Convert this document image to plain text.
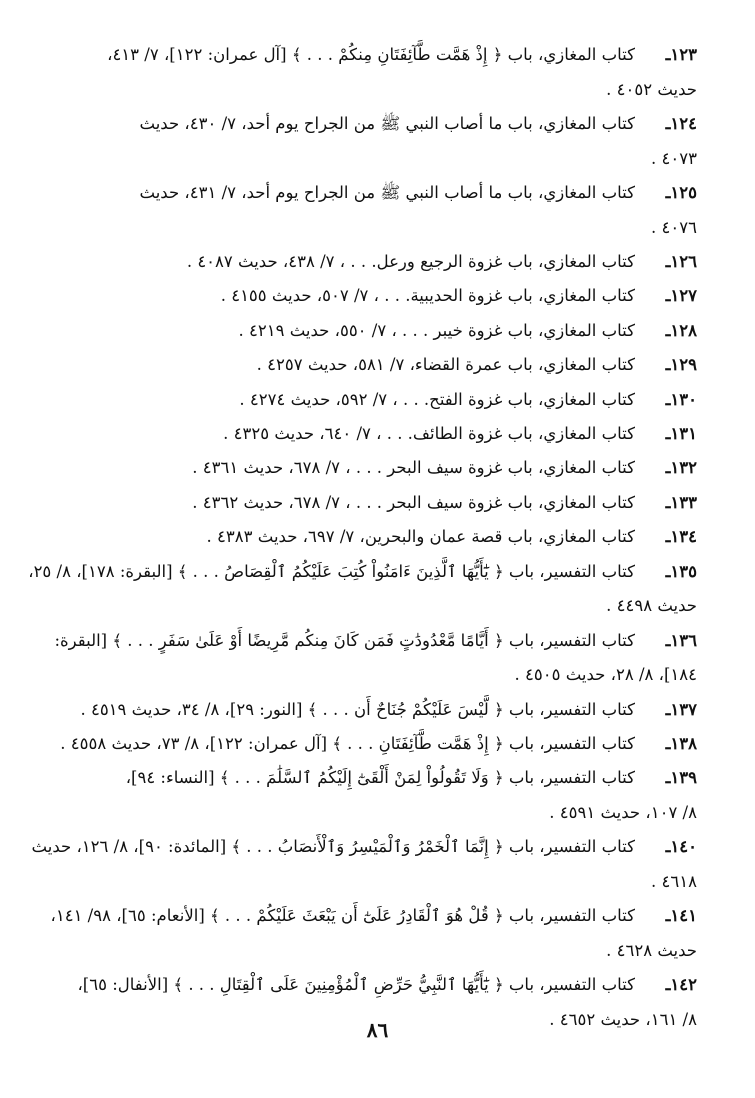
١٢٣ـ
كتاب المغازي، باب ﴿ إِذْ هَمَّت طَّآئِفَتَانِ مِنكُمْ . . . ﴾ [آل عمران: ١٢٢]، ٧/ ٤١٣،
حديث ٤٠٥٢ .
١٢٤ـ
كتاب المغازي، باب ما أصاب النبي ﷺ من الجراح يوم أحد، ٧/ ٤٣٠، حديث
٤٠٧٣ .
١٢٥ـ
كتاب المغازي، باب ما أصاب النبي ﷺ من الجراح يوم أحد، ٧/ ٤٣١، حديث
٤٠٧٦ .
١٢٦ـ
كتاب المغازي، باب غزوة الرجيع ورعل. . . ، ٧/ ٤٣٨، حديث ٤٠٨٧ .
١٢٧ـ
كتاب المغازي، باب غزوة الحديبية. . . ، ٧/ ٥٠٧، حديث ٤١٥٥ .
١٢٨ـ
كتاب المغازي، باب غزوة خيبر . . . ، ٧/ ٥٥٠، حديث ٤٢١٩ .
١٢٩ـ
كتاب المغازي، باب عمرة القضاء، ٧/ ٥٨١، حديث ٤٢٥٧ .
١٣٠ـ
كتاب المغازي، باب غزوة الفتح. . . ، ٧/ ٥٩٢، حديث ٤٢٧٤ .
١٣١ـ
كتاب المغازي، باب غزوة الطائف. . . ، ٧/ ٦٤٠، حديث ٤٣٢٥ .
١٣٢ـ
كتاب المغازي، باب غزوة سيف البحر . . . ، ٧/ ٦٧٨، حديث ٤٣٦١ .
١٣٣ـ
كتاب المغازي، باب غزوة سيف البحر . . . ، ٧/ ٦٧٨، حديث ٤٣٦٢ .
١٣٤ـ
كتاب المغازي، باب قصة عمان والبحرين، ٧/ ٦٩٧، حديث ٤٣٨٣ .
١٣٥ـ
كتاب التفسير، باب ﴿ يَٰٓأَيُّهَا ٱلَّذِينَ ءَامَنُواْ كُتِبَ عَلَيْكُمُ ٱلْقِصَاصُ . . . ﴾ [البقرة: ١٧٨]، ٨/ ٢٥،
حديث ٤٤٩٨ .
١٣٦ـ
كتاب التفسير، باب ﴿ أَيَّامًا مَّعْدُودَٰتٍ فَمَن كَانَ مِنكُم مَّرِيضًا أَوْ عَلَىٰ سَفَرٍ . . . ﴾ [البقرة:
١٨٤]، ٨/ ٢٨، حديث ٤٥٠٥ .
١٣٧ـ
كتاب التفسير، باب ﴿ لَّيْسَ عَلَيْكُمْ جُنَاحٌ أَن . . . ﴾ [النور: ٢٩]، ٨/ ٣٤، حديث ٤٥١٩ .
١٣٨ـ
كتاب التفسير، باب ﴿ إِذْ هَمَّت طَّآئِفَتَانِ . . . ﴾ [آل عمران: ١٢٢]، ٨/ ٧٣، حديث ٤٥٥٨ .
١٣٩ـ
كتاب التفسير، باب ﴿ وَلَا تَقُولُواْ لِمَنْ أَلْقَىٰٓ إِلَيْكُمُ ٱلسَّلَٰمَ . . . ﴾ [النساء: ٩٤]،
٨/ ١٠٧، حديث ٤٥٩١ .
١٤٠ـ
كتاب التفسير، باب ﴿ إِنَّمَا ٱلْخَمْرُ وَٱلْمَيْسِرُ وَٱلْأَنصَابُ . . . ﴾ [المائدة: ٩٠]، ٨/ ١٢٦، حديث
٤٦١٨ .
١٤١ـ
كتاب التفسير، باب ﴿ قُلْ هُوَ ٱلْقَادِرُ عَلَىٰٓ أَن يَبْعَثَ عَلَيْكُمْ . . . ﴾ [الأنعام: ٦٥]، ٩٨/ ١٤١،
حديث ٤٦٢٨ .
١٤٢ـ
كتاب التفسير، باب ﴿ يَٰٓأَيُّهَا ٱلنَّبِيُّ حَرِّضِ ٱلْمُؤْمِنِينَ عَلَى ٱلْقِتَالِ . . . ﴾ [الأنفال: ٦٥]،
٨/ ١٦١، حديث ٤٦٥٢ .
٨٦
